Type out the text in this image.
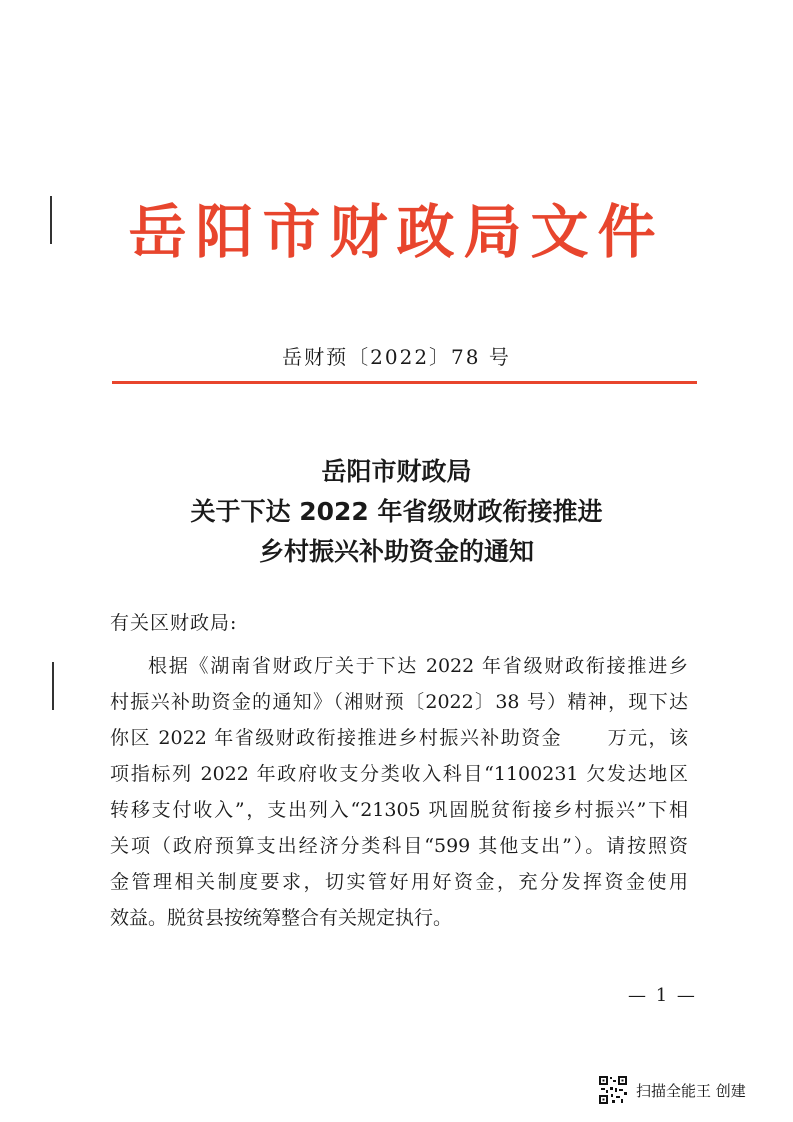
岳阳市财政局文件
岳财预〔2022〕78 号
岳阳市财政局
关于下达 2022 年省级财政衔接推进
乡村振兴补助资金的通知
有关区财政局:
根据《湖南省财政厅关于下达 2022 年省级财政衔接推进乡
村振兴补助资金的通知》（湘财预〔2022〕38 号）精神，现下达
你区 2022 年省级财政衔接推进乡村振兴补助资金 万元，该
项指标列 2022 年政府收支分类收入科目“1100231 欠发达地区
转移支付收入”，支出列入“21305 巩固脱贫衔接乡村振兴”下相
关项（政府预算支出经济分类科目“599 其他支出”）。请按照资
金管理相关制度要求，切实管好用好资金，充分发挥资金使用
效益。脱贫县按统筹整合有关规定执行。
— 1 —
扫描全能王 创建
